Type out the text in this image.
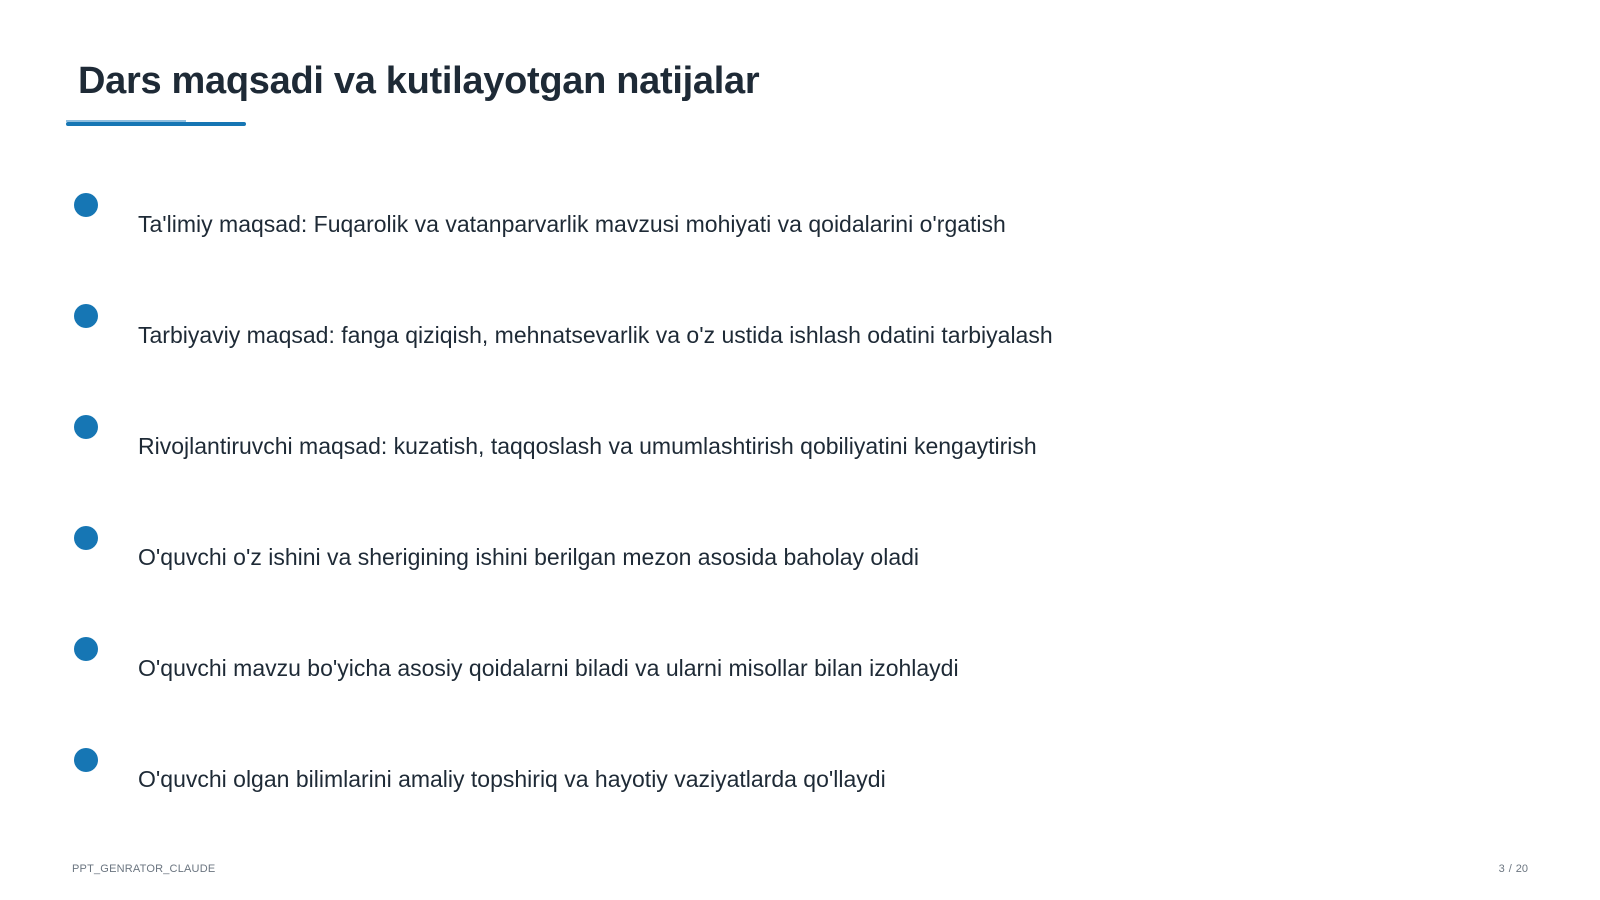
Dars maqsadi va kutilayotgan natijalar
Ta'limiy maqsad: Fuqarolik va vatanparvarlik mavzusi mohiyati va qoidalarini o'rgatish
Tarbiyaviy maqsad: fanga qiziqish, mehnatsevarlik va o'z ustida ishlash odatini tarbiyalash
Rivojlantiruvchi maqsad: kuzatish, taqqoslash va umumlashtirish qobiliyatini kengaytirish
O'quvchi o'z ishini va sherigining ishini berilgan mezon asosida baholay oladi
O'quvchi mavzu bo'yicha asosiy qoidalarni biladi va ularni misollar bilan izohlaydi
O'quvchi olgan bilimlarini amaliy topshiriq va hayotiy vaziyatlarda qo'llaydi
PPT_GENRATOR_CLAUDE	3 / 20
